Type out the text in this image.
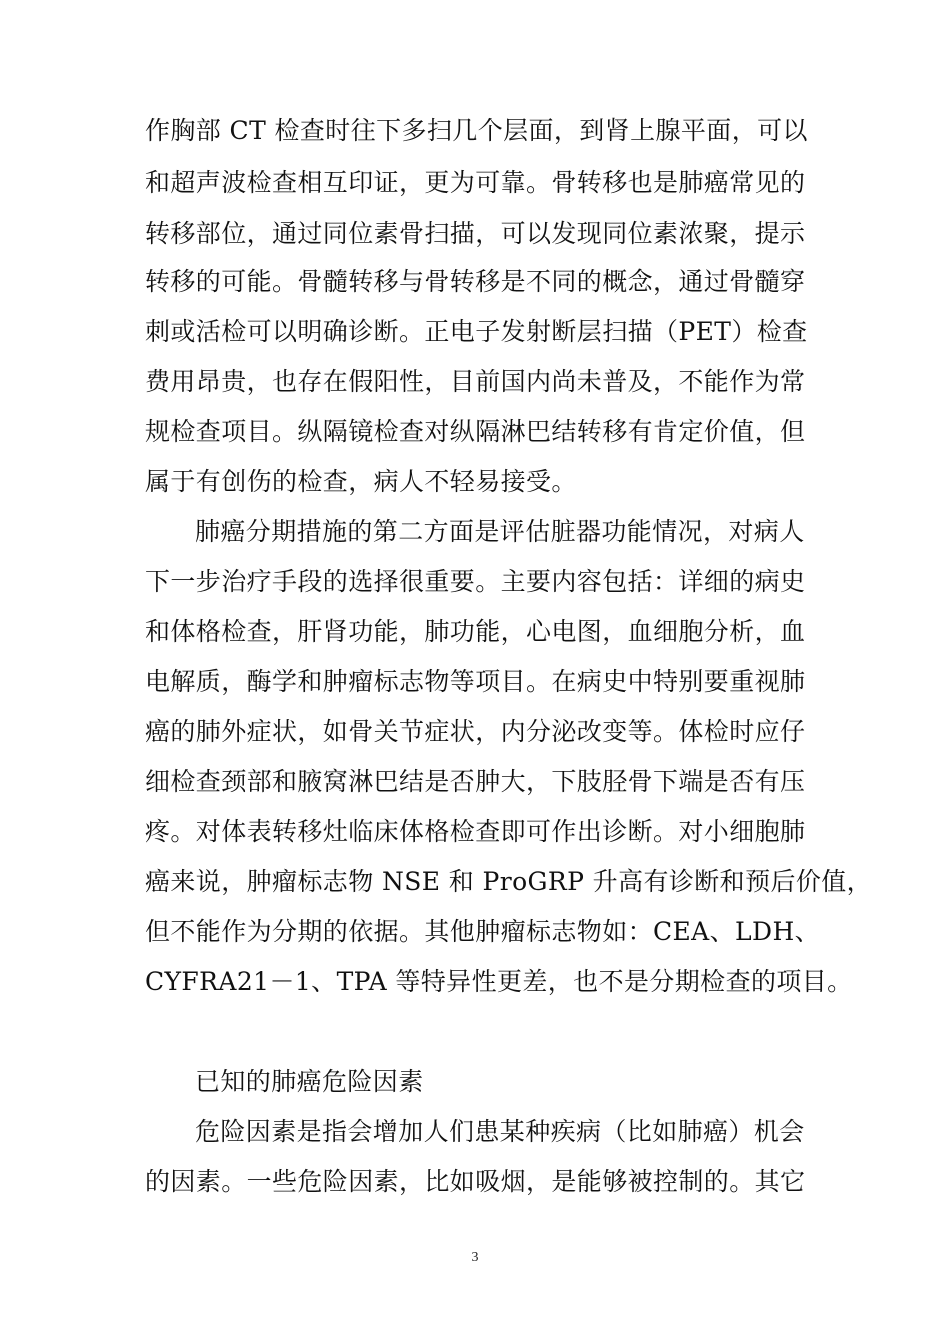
作胸部 CT 检查时往下多扫几个层面，到肾上腺平面，可以
和超声波检查相互印证，更为可靠。骨转移也是肺癌常见的
转移部位，通过同位素骨扫描，可以发现同位素浓聚，提示
转移的可能。骨髓转移与骨转移是不同的概念，通过骨髓穿
刺或活检可以明确诊断。正电子发射断层扫描（PET）检查
费用昂贵，也存在假阳性，目前国内尚未普及，不能作为常
规检查项目。纵隔镜检查对纵隔淋巴结转移有肯定价值，但
属于有创伤的检查，病人不轻易接受。
肺癌分期措施的第二方面是评估脏器功能情况，对病人
下一步治疗手段的选择很重要。主要内容包括：详细的病史
和体格检查，肝肾功能，肺功能，心电图，血细胞分析，血
电解质，酶学和肿瘤标志物等项目。在病史中特别要重视肺
癌的肺外症状，如骨关节症状，内分泌改变等。体检时应仔
细检查颈部和腋窝淋巴结是否肿大，下肢胫骨下端是否有压
疼。对体表转移灶临床体格检查即可作出诊断。对小细胞肺
癌来说，肿瘤标志物 NSE 和 ProGRP 升高有诊断和预后价值，
但不能作为分期的依据。其他肿瘤标志物如：CEA、LDH、
CYFRA21－1、TPA 等特异性更差，也不是分期检查的项目。
已知的肺癌危险因素
危险因素是指会增加人们患某种疾病（比如肺癌）机会
的因素。一些危险因素，比如吸烟，是能够被控制的。其它
3
